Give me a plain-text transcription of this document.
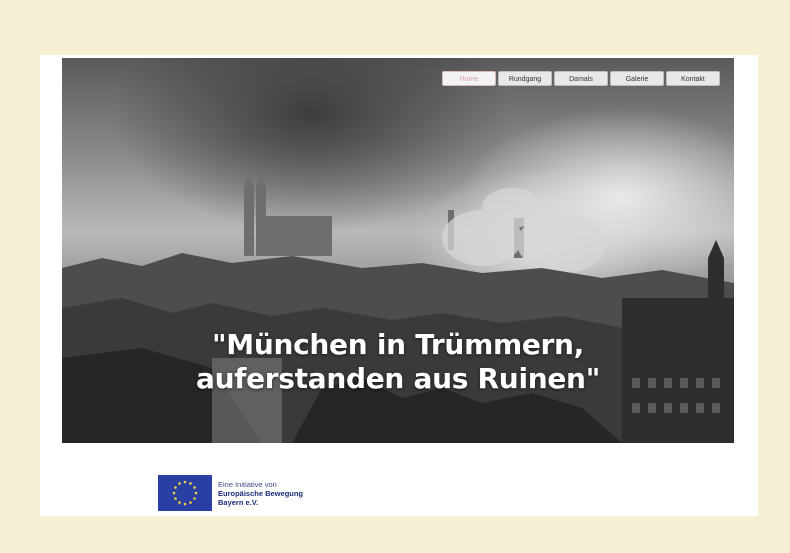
Home	Rundgang	Damals	Galerie	Kontakt
"München in Trümmern,
auferstanden aus Ruinen"
Eine Initiative von
Europäische Bewegung
Bayern e.V.
